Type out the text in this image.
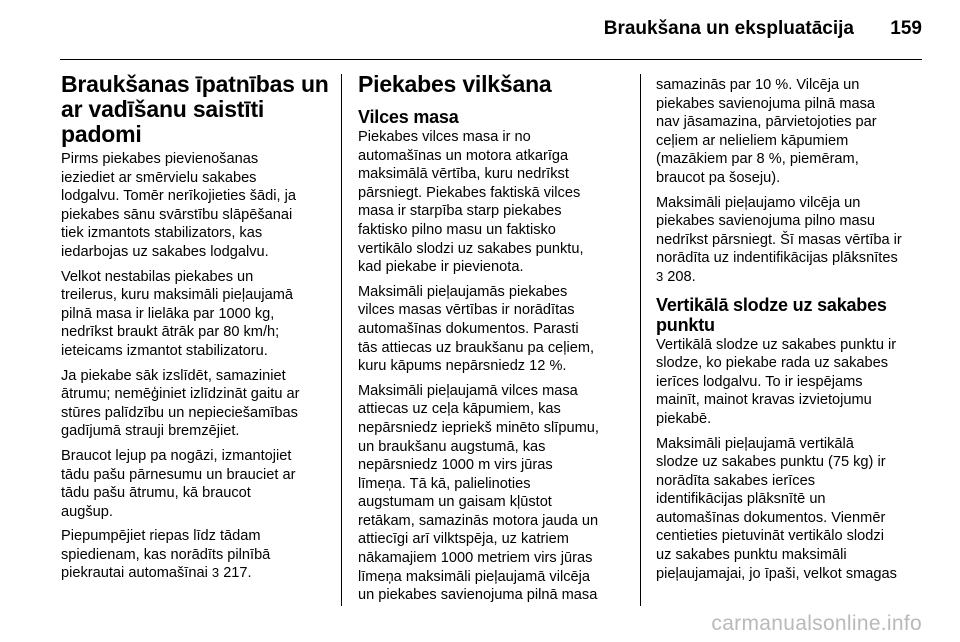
Braukšana un ekspluatācija 159
Braukšanas īpatnības un
ar vadīšanu saistīti padomi

Pirms piekabes pievienošanas
ieziediet ar smērvielu sakabes
lodgalvu. Tomēr nerīkojieties šādi, ja
piekabes sānu svārstību slāpēšanai
tiek izmantots stabilizators, kas
iedarbojas uz sakabes lodgalvu.

Velkot nestabilas piekabes un
treilerus, kuru maksimāli pieļaujamā
pilnā masa ir lielāka par 1000 kg,
nedrīkst braukt ātrāk par 80 km/h;
ieteicams izmantot stabilizatoru.

Ja piekabe sāk izslīdēt, samaziniet
ātrumu; nemēģiniet izlīdzināt gaitu ar
stūres palīdzību un nepieciešamības
gadījumā strauji bremzējiet.

Braucot lejup pa nogāzi, izmantojiet
tādu pašu pārnesumu un brauciet ar
tādu pašu ātrumu, kā braucot
augšup.

Piepumpējiet riepas līdz tādam
spiedienam, kas norādīts pilnībā
piekrautai automašīnai 3 217.

Piekabes vilkšana
Vilces masa

Piekabes vilces masa ir no
automašīnas un motora atkarīga
maksimālā vērtība, kuru nedrīkst
pārsniegt. Piekabes faktiskā vilces
masa ir starpība starp piekabes
faktisko pilno masu un faktisko
vertikālo slodzi uz sakabes punktu,
kad piekabe ir pievienota.

Maksimāli pieļaujamās piekabes
vilces masas vērtības ir norādītas
automašīnas dokumentos. Parasti
tās attiecas uz braukšanu pa ceļiem,
kuru kāpums nepārsniedz 12 %.

Maksimāli pieļaujamā vilces masa
attiecas uz ceļa kāpumiem, kas
nepārsniedz iepriekš minēto slīpumu,
un braukšanu augstumā, kas
nepārsniedz 1000 m virs jūras
līmeņa. Tā kā, palielinoties
augstumam un gaisam kļūstot
retākam, samazinās motora jauda un
attiecīgi arī vilktspēja, uz katriem
nākamajiem 1000 metriem virs jūras
līmeņa maksimāli pieļaujamā vilcēja
un piekabes savienojuma pilnā masa

samazinās par 10 %. Vilcēja un
piekabes savienojuma pilnā masa
nav jāsamazina, pārvietojoties par
ceļiem ar nelieliem kāpumiem
(mazākiem par 8 %, piemēram,
braucot pa šoseju).

Maksimāli pieļaujamo vilcēja un
piekabes savienojuma pilno masu
nedrīkst pārsniegt. Šī masas vērtība ir
norādīta uz indentifikācijas plāksnītes
3 208.

Vertikālā slodze uz sakabes
punktu

Vertikālā slodze uz sakabes punktu ir
slodze, ko piekabe rada uz sakabes
ierīces lodgalvu. To ir iespējams
mainīt, mainot kravas izvietojumu
piekabē.

Maksimāli pieļaujamā vertikālā
slodze uz sakabes punktu (75 kg) ir
norādīta sakabes ierīces
identifikācijas plāksnītē un
automašīnas dokumentos. Vienmēr
centieties pietuvināt vertikālo slodzi
uz sakabes punktu maksimāli
pieļaujamajai, jo īpaši, velkot smagas

carmanualsonline.info
